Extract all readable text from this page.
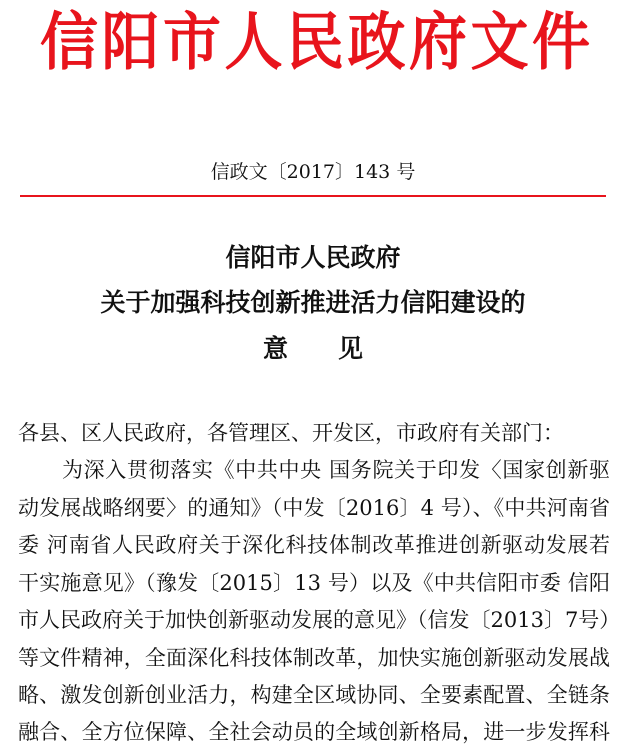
信阳市人民政府文件
信政文〔2017〕143 号
信阳市人民政府
关于加强科技创新推进活力信阳建设的
意　　见
各县、区人民政府，各管理区、开发区，市政府有关部门：
为深入贯彻落实《中共中央 国务院关于印发〈国家创新驱
动发展战略纲要〉的通知》（中发〔2016〕4 号）、《中共河南省
委 河南省人民政府关于深化科技体制改革推进创新驱动发展若
干实施意见》（豫发〔2015〕13 号）以及《中共信阳市委 信阳
市人民政府关于加快创新驱动发展的意见》（信发〔2013〕7号）
等文件精神，全面深化科技体制改革，加快实施创新驱动发展战
略、激发创新创业活力，构建全区域协同、全要素配置、全链条
融合、全方位保障、全社会动员的全域创新格局，进一步发挥科
